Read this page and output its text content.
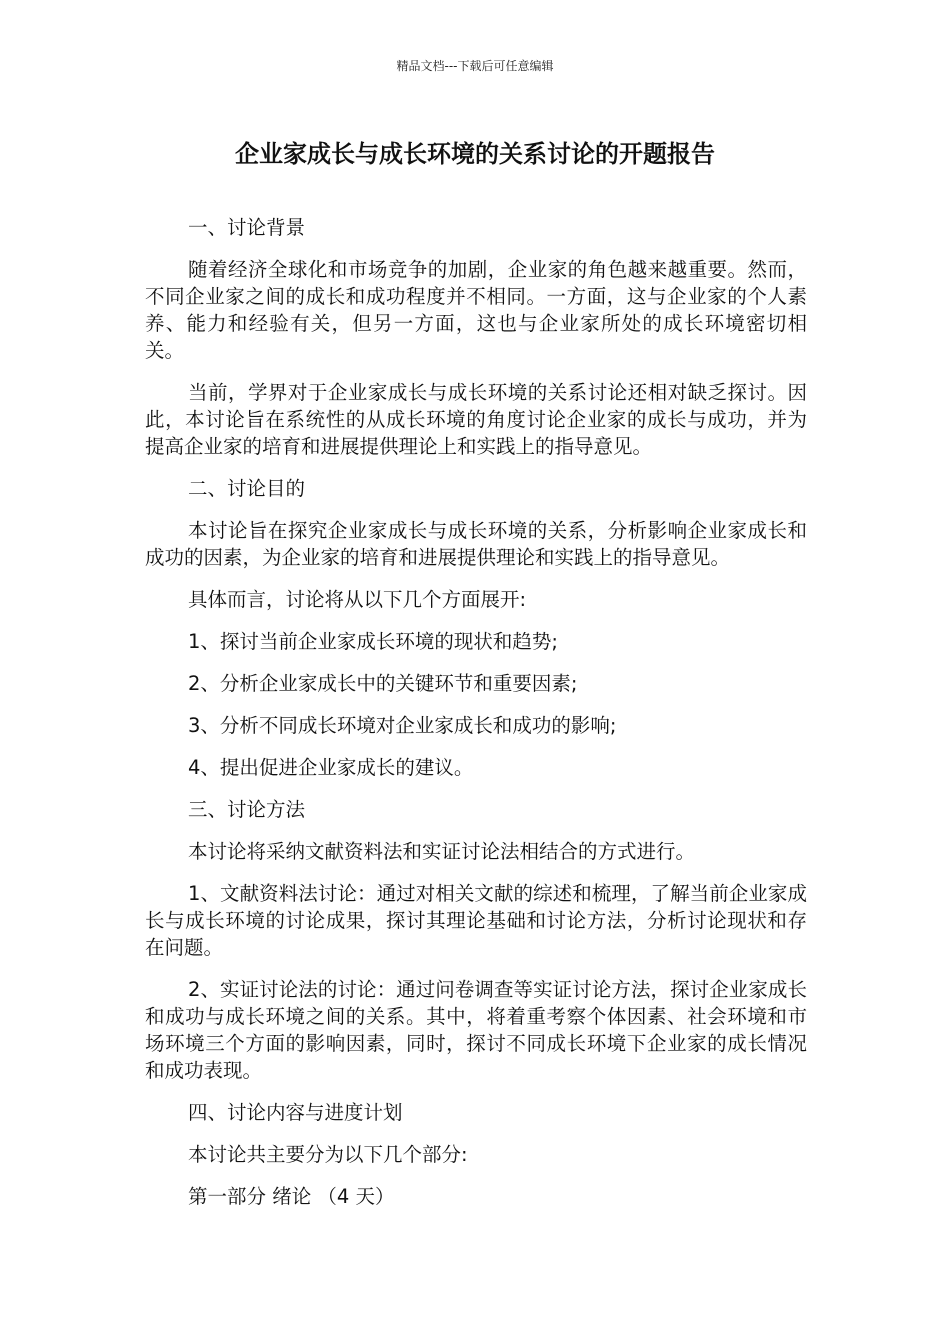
精品文档---下载后可任意编辑
企业家成长与成长环境的关系讨论的开题报告
一、讨论背景
随着经济全球化和市场竞争的加剧，企业家的角色越来越重要。然而，不同企业家之间的成长和成功程度并不相同。一方面，这与企业家的个人素养、能力和经验有关，但另一方面，这也与企业家所处的成长环境密切相关。
当前，学界对于企业家成长与成长环境的关系讨论还相对缺乏探讨。因此，本讨论旨在系统性的从成长环境的角度讨论企业家的成长与成功，并为提高企业家的培育和进展提供理论上和实践上的指导意见。
二、讨论目的
本讨论旨在探究企业家成长与成长环境的关系，分析影响企业家成长和成功的因素，为企业家的培育和进展提供理论和实践上的指导意见。
具体而言，讨论将从以下几个方面展开:
1、探讨当前企业家成长环境的现状和趋势;
2、分析企业家成长中的关键环节和重要因素;
3、分析不同成长环境对企业家成长和成功的影响;
4、提出促进企业家成长的建议。
三、讨论方法
本讨论将采纳文献资料法和实证讨论法相结合的方式进行。
1、文献资料法讨论：通过对相关文献的综述和梳理，了解当前企业家成长与成长环境的讨论成果，探讨其理论基础和讨论方法，分析讨论现状和存在问题。
2、实证讨论法的讨论：通过问卷调查等实证讨论方法，探讨企业家成长和成功与成长环境之间的关系。其中，将着重考察个体因素、社会环境和市场环境三个方面的影响因素，同时，探讨不同成长环境下企业家的成长情况和成功表现。
四、讨论内容与进度计划
本讨论共主要分为以下几个部分:
第一部分 绪论 （4 天）
